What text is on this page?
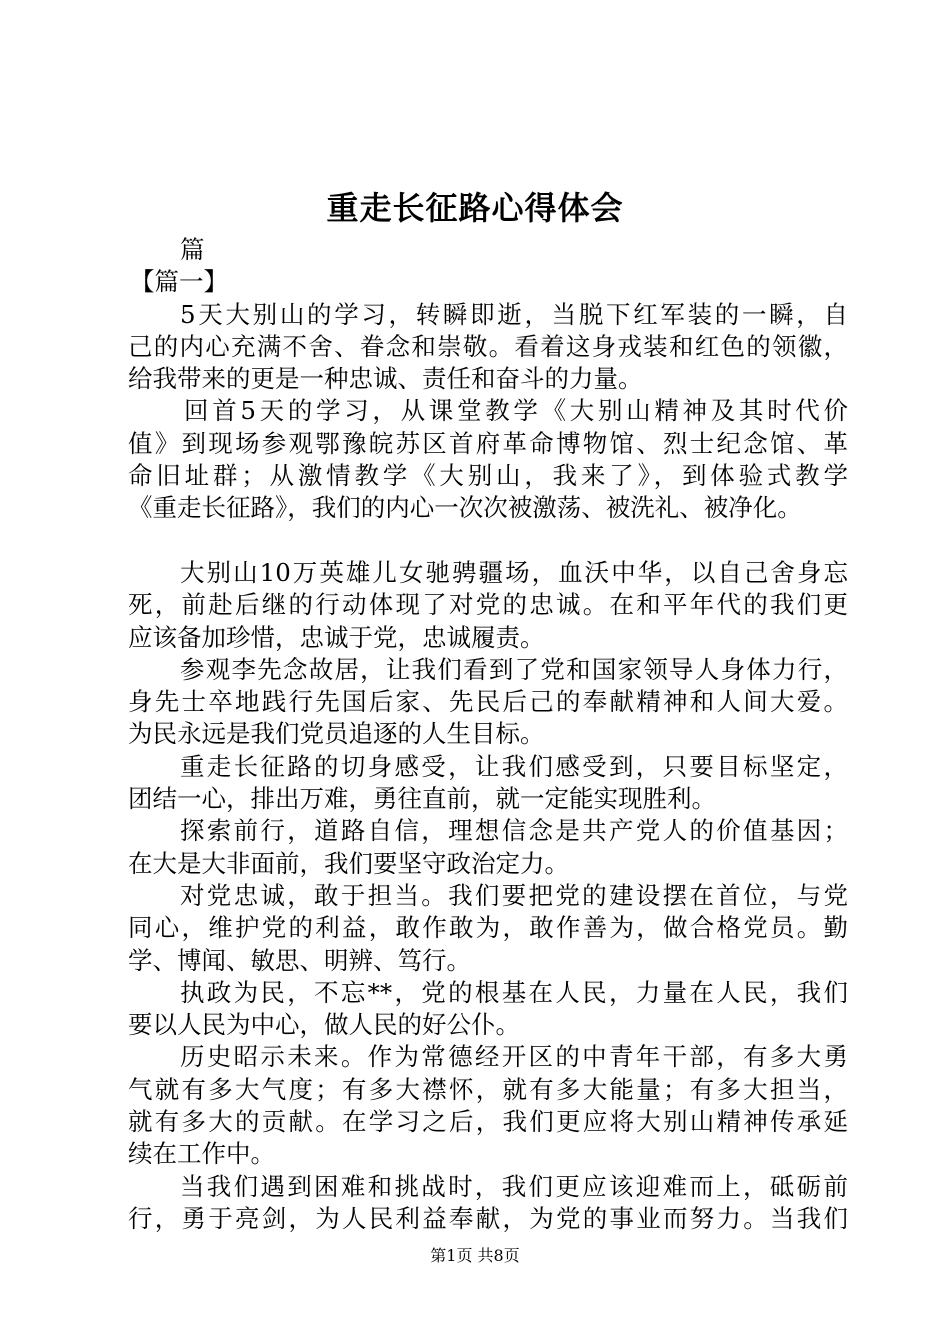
重走长征路心得体会
篇
【篇一】
5天大别山的学习，转瞬即逝，当脱下红军装的一瞬，自
己的内心充满不舍、眷念和崇敬。看着这身戎装和红色的领徽，
给我带来的更是一种忠诚、责任和奋斗的力量。
回首5天的学习，从课堂教学《大别山精神及其时代价
值》到现场参观鄂豫皖苏区首府革命博物馆、烈士纪念馆、革
命旧址群；从激情教学《大别山，我来了》，到体验式教学
《重走长征路》，我们的内心一次次被激荡、被洗礼、被净化。
大别山10万英雄儿女驰骋疆场，血沃中华，以自己舍身忘
死，前赴后继的行动体现了对党的忠诚。在和平年代的我们更
应该备加珍惜，忠诚于党，忠诚履责。
参观李先念故居，让我们看到了党和国家领导人身体力行，
身先士卒地践行先国后家、先民后己的奉献精神和人间大爱。
为民永远是我们党员追逐的人生目标。
重走长征路的切身感受，让我们感受到，只要目标坚定，
团结一心，排出万难，勇往直前，就一定能实现胜利。
探索前行，道路自信，理想信念是共产党人的价值基因；
在大是大非面前，我们要坚守政治定力。
对党忠诚，敢于担当。我们要把党的建设摆在首位，与党
同心，维护党的利益，敢作敢为，敢作善为，做合格党员。勤
学、博闻、敏思、明辨、笃行。
执政为民，不忘**，党的根基在人民，力量在人民，我们
要以人民为中心，做人民的好公仆。
历史昭示未来。作为常德经开区的中青年干部，有多大勇
气就有多大气度；有多大襟怀，就有多大能量；有多大担当，
就有多大的贡献。在学习之后，我们更应将大别山精神传承延
续在工作中。
当我们遇到困难和挑战时，我们更应该迎难而上，砥砺前
行，勇于亮剑，为人民利益奉献，为党的事业而努力。当我们
第1页 共8页
